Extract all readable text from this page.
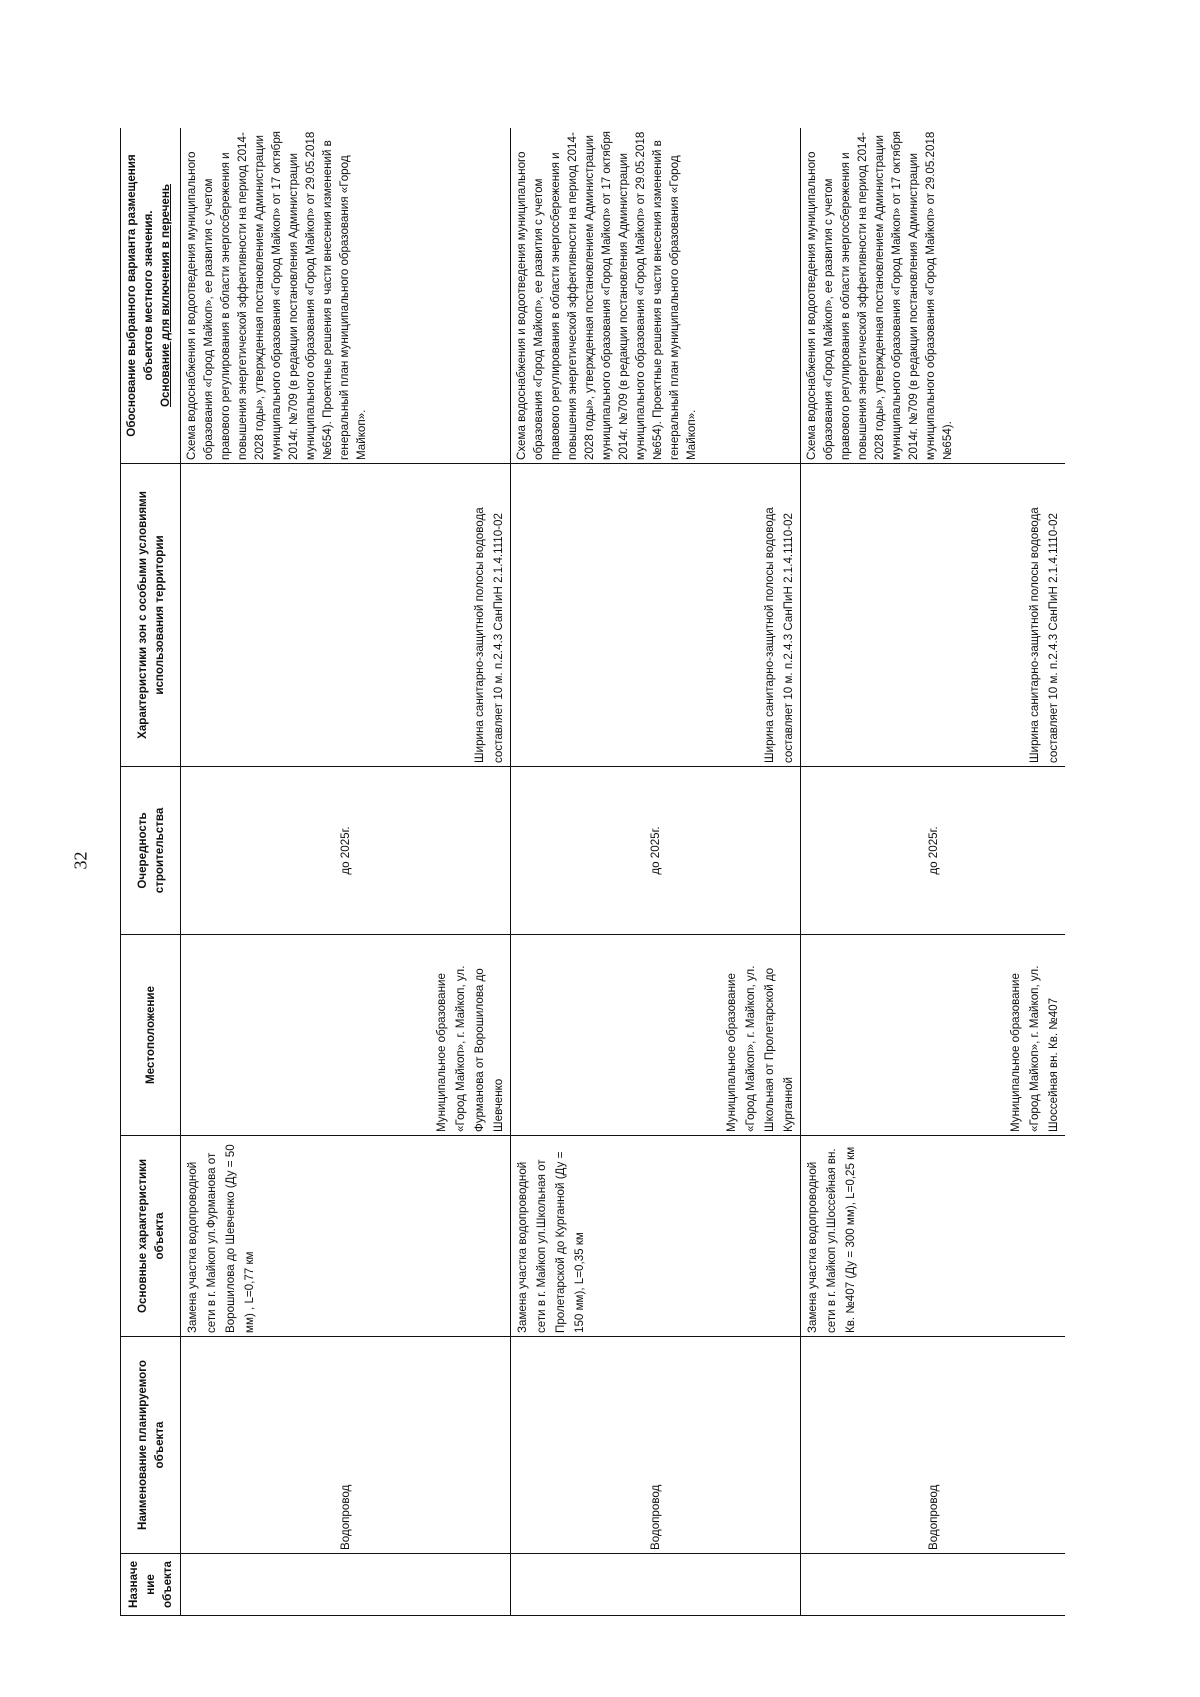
32
Назначение объекта	Наименование планируемого объекта	Основные характеристики объекта	Местоположение	Очередность строительства	Характеристики зон с особыми условиями использования территории	Обоснование выбранного варианта размещения объектов местного значения. Основание для включения в перечень

	Водопровод	Замена участка водопроводной сети в г. Майкоп ул.Фурманова от Ворошилова до Шевченко (Ду = 50 мм) , L=0,77 км	Муниципальное образование «Город Майкоп», г. Майкоп, ул. Фурманова от Ворошилова до Шевченко	до 2025г.	Ширина санитарно-защитной полосы водовода составляет 10 м. п.2.4.3 СанПиН 2.1.4.1110-02	Схема водоснабжения и водоотведения муниципального образования «Город Майкоп», ее развития с учетом правового регулирования в области энергосбережения и повышения энергетической эффективности на период 2014-2028 годы», утвержденная постановлением Администрации муниципального образования «Город Майкоп» от 17 октября 2014г. №709 (в редакции постановления Администрации муниципального образования «Город Майкоп» от 29.05.2018 №654). Проектные решения в части внесения изменений в генеральный план муниципального образования «Город Майкоп».
	Водопровод	Замена участка водопроводной сети в г. Майкоп ул.Школьная от Пролетарской до Курганной (Ду = 150 мм), L=0,35 км	Муниципальное образование «Город Майкоп», г. Майкоп, ул. Школьная от Пролетарской до Курганной	до 2025г.	Ширина санитарно-защитной полосы водовода составляет 10 м. п.2.4.3 СанПиН 2.1.4.1110-02	Схема водоснабжения и водоотведения муниципального образования «Город Майкоп», ее развития с учетом правового регулирования в области энергосбережения и повышения энергетической эффективности на период 2014-2028 годы», утвержденная постановлением Администрации муниципального образования «Город Майкоп» от 17 октября 2014г. №709 (в редакции постановления Администрации муниципального образования «Город Майкоп» от 29.05.2018 №654). Проектные решения в части внесения изменений в генеральный план муниципального образования «Город Майкоп».
	Водопровод	Замена участка водопроводной сети в г. Майкоп ул.Шоссейная вн. Кв. №407 (Ду = 300 мм), L=0,25 км	Муниципальное образование «Город Майкоп», г. Майкоп, ул. Шоссейная вн. Кв. №407	до 2025г.	Ширина санитарно-защитной полосы водовода составляет 10 м. п.2.4.3 СанПиН 2.1.4.1110-02	Схема водоснабжения и водоотведения муниципального образования «Город Майкоп», ее развития с учетом правового регулирования в области энергосбережения и повышения энергетической эффективности на период 2014-2028 годы», утвержденная постановлением Администрации муниципального образования «Город Майкоп» от 17 октября 2014г. №709 (в редакции постановления Администрации муниципального образования «Город Майкоп» от 29.05.2018 №654).
